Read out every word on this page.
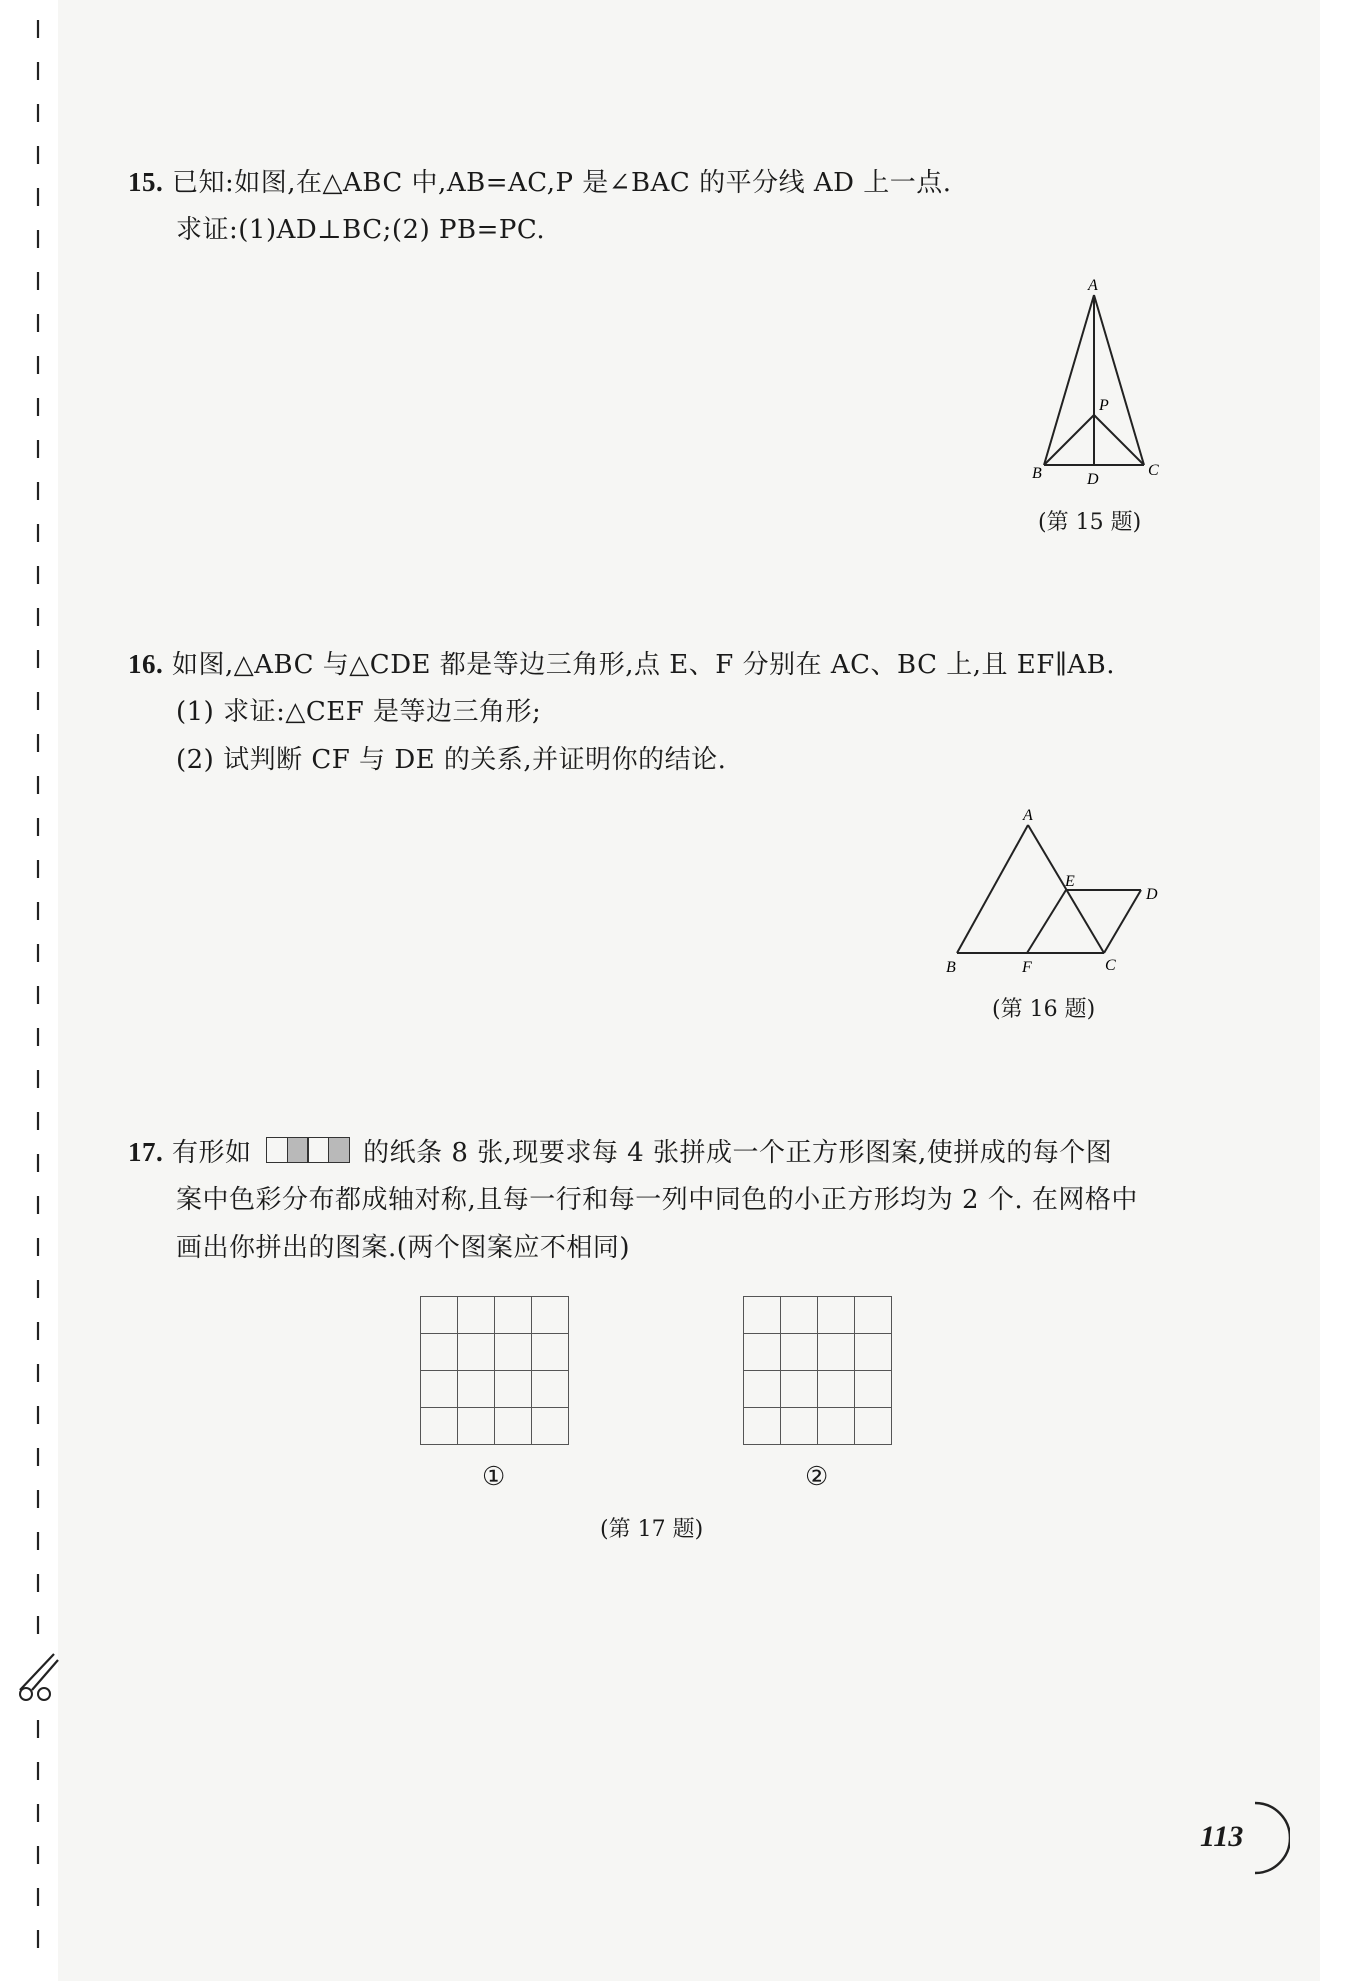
15. 已知:如图,在△ABC 中,AB=AC,P 是∠BAC 的平分线 AD 上一点.
求证:(1)AD⊥BC;(2) PB=PC.
A
P
B	D
C
(第 15 题)
16. 如图,△ABC 与△CDE 都是等边三角形,点 E、F 分别在 AC、BC 上,且 EF∥AB.
(1) 求证:△CEF 是等边三角形;
(2) 试判断 CF 与 DE 的关系,并证明你的结论.
A
E
D
B	F	C
(第 16 题)
17. 有形如	的纸条 8 张,现要求每 4 张拼成一个正方形图案,使拼成的每个图
案中色彩分布都成轴对称,且每一行和每一列中同色的小正方形均为 2 个. 在网格中
画出你拼出的图案.(两个图案应不相同)

①	②
(第 17 题)
113
